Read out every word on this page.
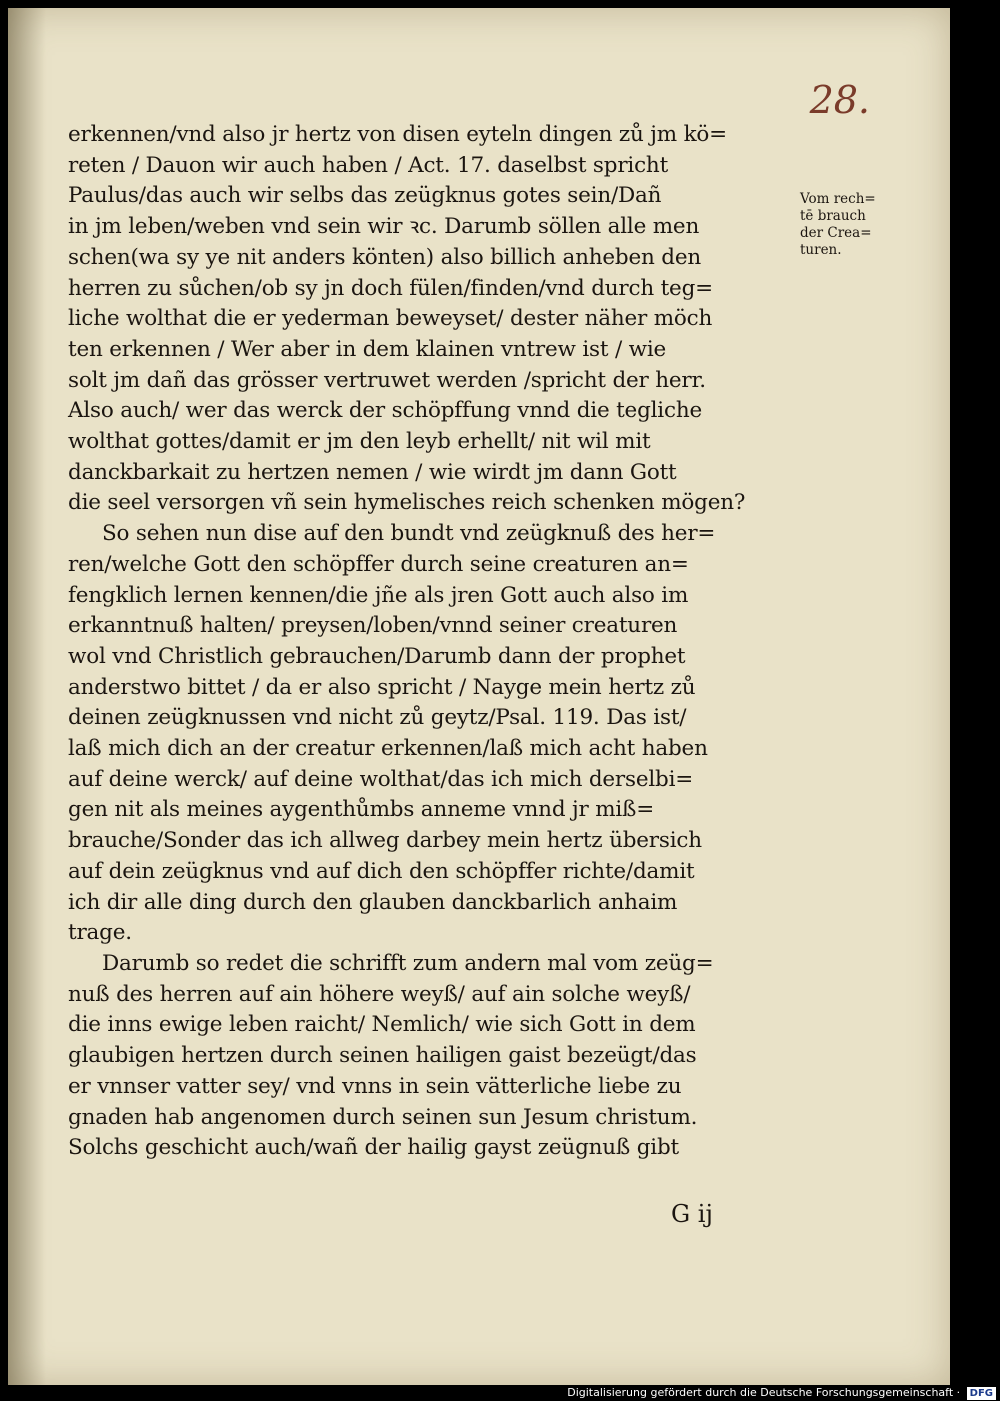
28.
erkennen/vnd also jr hertz von disen eyteln dingen zů jm kö=
reten / Dauon wir auch haben / Act. 17. daselbst spricht
Paulus/das auch wir selbs das zeügknus gotes sein/Dañ
in jm leben/weben vnd sein wir ꝛc. Darumb söllen alle men
schen(wa sy ye nit anders könten) also billich anheben den
herren zu sůchen/ob sy jn doch fülen/finden/vnd durch teg=
liche wolthat die er yederman beweyset/ dester näher möch
ten erkennen / Wer aber in dem klainen vntrew ist / wie
solt jm dañ das grösser vertruwet werden /spricht der herr.
Also auch/ wer das werck der schöpffung vnnd die tegliche
wolthat gottes/damit er jm den leyb erhellt/ nit wil mit
danckbarkait zu hertzen nemen / wie wirdt jm dann Gott
die seel versorgen vñ sein hymelisches reich schenken mögen?
So sehen nun dise auf den bundt vnd zeügknuß des her=
ren/welche Gott den schöpffer durch seine creaturen an=
fengklich lernen kennen/die jñe als jren Gott auch also im
erkanntnuß halten/ preysen/loben/vnnd seiner creaturen
wol vnd Christlich gebrauchen/Darumb dann der prophet
anderstwo bittet / da er also spricht / Nayge mein hertz zů
deinen zeügknussen vnd nicht zů geytz/Psal. 119. Das ist/
laß mich dich an der creatur erkennen/laß mich acht haben
auf deine werck/ auf deine wolthat/das ich mich derselbi=
gen nit als meines aygenthůmbs anneme vnnd jr miß=
brauche/Sonder das ich allweg darbey mein hertz übersich
auf dein zeügknus vnd auf dich den schöpffer richte/damit
ich dir alle ding durch den glauben danckbarlich anhaim
trage.
Darumb so redet die schrifft zum andern mal vom zeüg=
nuß des herren auf ain höhere weyß/ auf ain solche weyß/
die inns ewige leben raicht/ Nemlich/ wie sich Gott in dem
glaubigen hertzen durch seinen hailigen gaist bezeügt/das
er vnnser vatter sey/ vnd vnns in sein vätterliche liebe zu
gnaden hab angenomen durch seinen sun Jesum christum.
Solchs geschicht auch/wañ der hailig gayst zeügnuß gibt
Vom rech=
tē brauch
der Crea=
turen.
G ij
Digitalisierung gefördert durch die Deutsche Forschungsgemeinschaft · DFG
